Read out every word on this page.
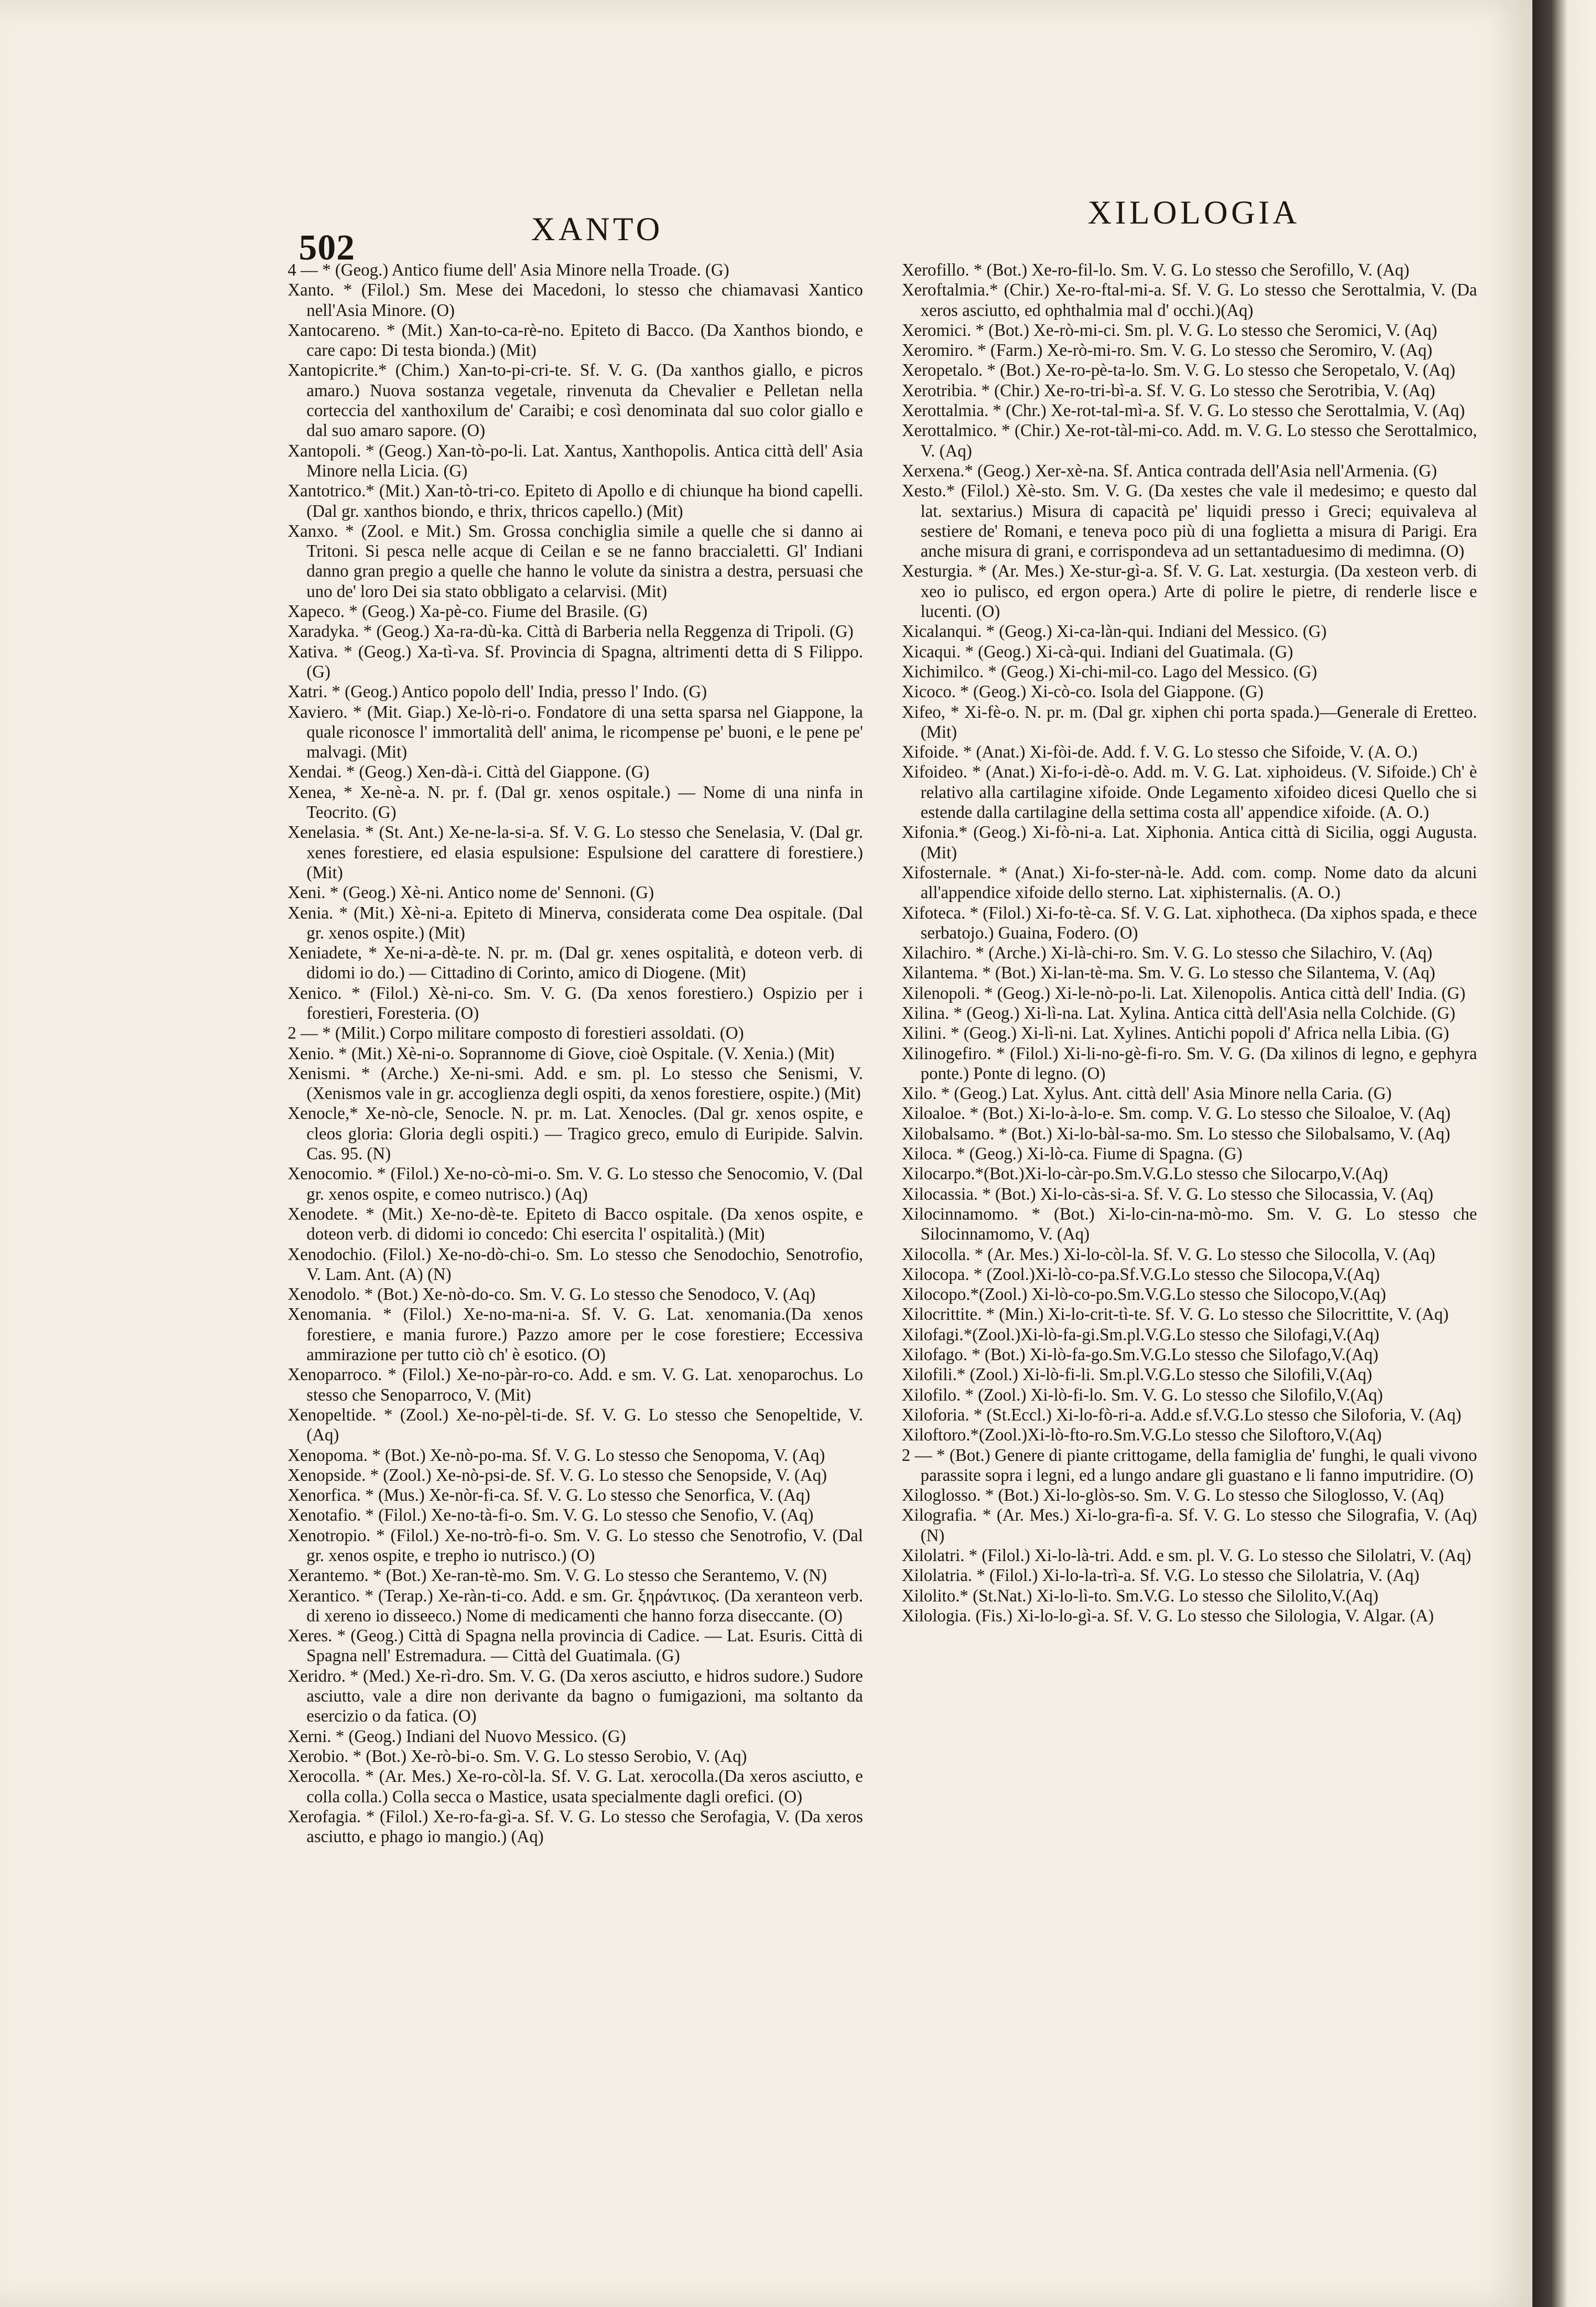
502	XANTO	XILOLOGIA

4 — * (Geog.) Antico fiume dell' Asia Minore nella Troade. (G)

Xanto. * (Filol.) Sm. Mese dei Macedoni, lo stesso che chiamavasi Xantico nell'Asia Minore. (O)

Xantocareno. * (Mit.) Xan-to-ca-rè-no. Epiteto di Bacco. (Da Xanthos biondo, e care capo: Di testa bionda.) (Mit)

Xantopicrite.* (Chim.) Xan-to-pi-cri-te. Sf. V. G. (Da xanthos giallo, e picros amaro.) Nuova sostanza vegetale, rinvenuta da Chevalier e Pelletan nella corteccia del xanthoxilum de' Caraibi; e così denominata dal suo color giallo e dal suo amaro sapore. (O)

Xantopoli. * (Geog.) Xan-tò-po-li. Lat. Xantus, Xanthopolis. Antica città dell' Asia Minore nella Licia. (G)

Xantotrico.* (Mit.) Xan-tò-tri-co. Epiteto di Apollo e di chiunque ha biond capelli. (Dal gr. xanthos biondo, e thrix, thricos capello.) (Mit)

Xanxo. * (Zool. e Mit.) Sm. Grossa conchiglia simile a quelle che si danno ai Tritoni. Si pesca nelle acque di Ceilan e se ne fanno braccialetti. Gl' Indiani danno gran pregio a quelle che hanno le volute da sinistra a destra, persuasi che uno de' loro Dei sia stato obbligato a celarvisi. (Mit)

Xapeco. * (Geog.) Xa-pè-co. Fiume del Brasile. (G)

Xaradyka. * (Geog.) Xa-ra-dù-ka. Città di Barberia nella Reggenza di Tripoli. (G)

Xativa. * (Geog.) Xa-tì-va. Sf. Provincia di Spagna, altrimenti detta di S Filippo. (G)

Xatri. * (Geog.) Antico popolo dell' India, presso l' Indo. (G)

Xaviero. * (Mit. Giap.) Xe-lò-ri-o. Fondatore di una setta sparsa nel Giappone, la quale riconosce l' immortalità dell' anima, le ricompense pe' buoni, e le pene pe' malvagi. (Mit)

Xendai. * (Geog.) Xen-dà-i. Città del Giappone. (G)

Xenea, * Xe-nè-a. N. pr. f. (Dal gr. xenos ospitale.) — Nome di una ninfa in Teocrito. (G)

Xenelasia. * (St. Ant.) Xe-ne-la-si-a. Sf. V. G. Lo stesso che Senelasia, V. (Dal gr. xenes forestiere, ed elasia espulsione: Espulsione del carattere di forestiere.) (Mit)

Xeni. * (Geog.) Xè-ni. Antico nome de' Sennoni. (G)

Xenia. * (Mit.) Xè-ni-a. Epiteto di Minerva, considerata come Dea ospitale. (Dal gr. xenos ospite.) (Mit)

Xeniadete, * Xe-ni-a-dè-te. N. pr. m. (Dal gr. xenes ospitalità, e doteon verb. di didomi io do.) — Cittadino di Corinto, amico di Diogene. (Mit)

Xenico. * (Filol.) Xè-ni-co. Sm. V. G. (Da xenos forestiero.) Ospizio per i forestieri, Foresteria. (O)

2 — * (Milit.) Corpo militare composto di forestieri assoldati. (O)

Xenio. * (Mit.) Xè-ni-o. Soprannome di Giove, cioè Ospitale. (V. Xenia.) (Mit)

Xenismi. * (Arche.) Xe-ni-smi. Add. e sm. pl. Lo stesso che Senismi, V. (Xenismos vale in gr. accoglienza degli ospiti, da xenos forestiere, ospite.) (Mit)

Xenocle,* Xe-nò-cle, Senocle. N. pr. m. Lat. Xenocles. (Dal gr. xenos ospite, e cleos gloria: Gloria degli ospiti.) — Tragico greco, emulo di Euripide. Salvin. Cas. 95. (N)

Xenocomio. * (Filol.) Xe-no-cò-mi-o. Sm. V. G. Lo stesso che Senocomio, V. (Dal gr. xenos ospite, e comeo nutrisco.) (Aq)

Xenodete. * (Mit.) Xe-no-dè-te. Epiteto di Bacco ospitale. (Da xenos ospite, e doteon verb. di didomi io concedo: Chi esercita l' ospitalità.) (Mit)

Xenodochio. (Filol.) Xe-no-dò-chi-o. Sm. Lo stesso che Senodochio, Senotrofio, V. Lam. Ant. (A) (N)

Xenodolo. * (Bot.) Xe-nò-do-co. Sm. V. G. Lo stesso che Senodoco, V. (Aq)

Xenomania. * (Filol.) Xe-no-ma-ni-a. Sf. V. G. Lat. xenomania.(Da xenos forestiere, e mania furore.) Pazzo amore per le cose forestiere; Eccessiva ammirazione per tutto ciò ch' è esotico. (O)

Xenoparroco. * (Filol.) Xe-no-pàr-ro-co. Add. e sm. V. G. Lat. xenoparochus. Lo stesso che Senoparroco, V. (Mit)

Xenopeltide. * (Zool.) Xe-no-pèl-ti-de. Sf. V. G. Lo stesso che Senopeltide, V. (Aq)

Xenopoma. * (Bot.) Xe-nò-po-ma. Sf. V. G. Lo stesso che Senopoma, V. (Aq)

Xenopside. * (Zool.) Xe-nò-psi-de. Sf. V. G. Lo stesso che Senopside, V. (Aq)

Xenorfica. * (Mus.) Xe-nòr-fi-ca. Sf. V. G. Lo stesso che Senorfica, V. (Aq)

Xenotafio. * (Filol.) Xe-no-tà-fi-o. Sm. V. G. Lo stesso che Senofio, V. (Aq)

Xenotropio. * (Filol.) Xe-no-trò-fi-o. Sm. V. G. Lo stesso che Senotrofio, V. (Dal gr. xenos ospite, e trepho io nutrisco.) (O)

Xerantemo. * (Bot.) Xe-ran-tè-mo. Sm. V. G. Lo stesso che Serantemo, V. (N)

Xerantico. * (Terap.) Xe-ràn-ti-co. Add. e sm. Gr. ξηράντικος. (Da xeranteon verb. di xereno io disseeco.) Nome di medicamenti che hanno forza diseccante. (O)

Xeres. * (Geog.) Città di Spagna nella provincia di Cadice. — Lat. Esuris. Città di Spagna nell' Estremadura. — Città del Guatimala. (G)

Xeridro. * (Med.) Xe-rì-dro. Sm. V. G. (Da xeros asciutto, e hidros sudore.) Sudore asciutto, vale a dire non derivante da bagno o fumigazioni, ma soltanto da esercizio o da fatica. (O)

Xerni. * (Geog.) Indiani del Nuovo Messico. (G)

Xerobio. * (Bot.) Xe-rò-bi-o. Sm. V. G. Lo stesso Serobio, V. (Aq)

Xerocolla. * (Ar. Mes.) Xe-ro-còl-la. Sf. V. G. Lat. xerocolla.(Da xeros asciutto, e colla colla.) Colla secca o Mastice, usata specialmente dagli orefici. (O)

Xerofagia. * (Filol.) Xe-ro-fa-gì-a. Sf. V. G. Lo stesso che Serofagia, V. (Da xeros asciutto, e phago io mangio.) (Aq)

Xerofillo. * (Bot.) Xe-ro-fil-lo. Sm. V. G. Lo stesso che Serofillo, V. (Aq)

Xeroftalmia.* (Chir.) Xe-ro-ftal-mi-a. Sf. V. G. Lo stesso che Serottalmia, V. (Da xeros asciutto, ed ophthalmia mal d' occhi.)(Aq)

Xeromici. * (Bot.) Xe-rò-mi-ci. Sm. pl. V. G. Lo stesso che Seromici, V. (Aq)

Xeromiro. * (Farm.) Xe-rò-mi-ro. Sm. V. G. Lo stesso che Seromiro, V. (Aq)

Xeropetalo. * (Bot.) Xe-ro-pè-ta-lo. Sm. V. G. Lo stesso che Seropetalo, V. (Aq)

Xerotribia. * (Chir.) Xe-ro-tri-bì-a. Sf. V. G. Lo stesso che Serotribia, V. (Aq)

Xerottalmia. * (Chr.) Xe-rot-tal-mì-a. Sf. V. G. Lo stesso che Serottalmia, V. (Aq)

Xerottalmico. * (Chir.) Xe-rot-tàl-mi-co. Add. m. V. G. Lo stesso che Serottalmico, V. (Aq)

Xerxena.* (Geog.) Xer-xè-na. Sf. Antica contrada dell'Asia nell'Armenia. (G)

Xesto.* (Filol.) Xè-sto. Sm. V. G. (Da xestes che vale il medesimo; e questo dal lat. sextarius.) Misura di capacità pe' liquidi presso i Greci; equivaleva al sestiere de' Romani, e teneva poco più di una foglietta a misura di Parigi. Era anche misura di grani, e corrispondeva ad un settantaduesimo di medimna. (O)

Xesturgia. * (Ar. Mes.) Xe-stur-gì-a. Sf. V. G. Lat. xesturgia. (Da xesteon verb. di xeo io pulisco, ed ergon opera.) Arte di polire le pietre, di renderle lisce e lucenti. (O)

Xicalanqui. * (Geog.) Xi-ca-làn-qui. Indiani del Messico. (G)

Xicaqui. * (Geog.) Xi-cà-qui. Indiani del Guatimala. (G)

Xichimilco. * (Geog.) Xi-chi-mil-co. Lago del Messico. (G)

Xicoco. * (Geog.) Xi-cò-co. Isola del Giappone. (G)

Xifeo, * Xi-fè-o. N. pr. m. (Dal gr. xiphen chi porta spada.)—Generale di Eretteo. (Mit)

Xifoide. * (Anat.) Xi-fòi-de. Add. f. V. G. Lo stesso che Sifoide, V. (A. O.)

Xifoideo. * (Anat.) Xi-fo-i-dè-o. Add. m. V. G. Lat. xiphoideus. (V. Sifoide.) Ch' è relativo alla cartilagine xifoide. Onde Legamento xifoideo dicesi Quello che si estende dalla cartilagine della settima costa all' appendice xifoide. (A. O.)

Xifonia.* (Geog.) Xi-fò-ni-a. Lat. Xiphonia. Antica città di Sicilia, oggi Augusta. (Mit)

Xifosternale. * (Anat.) Xi-fo-ster-nà-le. Add. com. comp. Nome dato da alcuni all'appendice xifoide dello sterno. Lat. xiphisternalis. (A. O.)

Xifoteca. * (Filol.) Xi-fo-tè-ca. Sf. V. G. Lat. xiphotheca. (Da xiphos spada, e thece serbatojo.) Guaina, Fodero. (O)

Xilachiro. * (Arche.) Xi-là-chi-ro. Sm. V. G. Lo stesso che Silachiro, V. (Aq)

Xilantema. * (Bot.) Xi-lan-tè-ma. Sm. V. G. Lo stesso che Silantema, V. (Aq)

Xilenopoli. * (Geog.) Xi-le-nò-po-li. Lat. Xilenopolis. Antica città dell' India. (G)

Xilina. * (Geog.) Xi-lì-na. Lat. Xylina. Antica città dell'Asia nella Colchide. (G)

Xilini. * (Geog.) Xi-lì-ni. Lat. Xylines. Antichi popoli d' Africa nella Libia. (G)

Xilinogefiro. * (Filol.) Xi-li-no-gè-fi-ro. Sm. V. G. (Da xilinos di legno, e gephyra ponte.) Ponte di legno. (O)

Xilo. * (Geog.) Lat. Xylus. Ant. città dell' Asia Minore nella Caria. (G)

Xiloaloe. * (Bot.) Xi-lo-à-lo-e. Sm. comp. V. G. Lo stesso che Siloaloe, V. (Aq)

Xilobalsamo. * (Bot.) Xi-lo-bàl-sa-mo. Sm. Lo stesso che Silobalsamo, V. (Aq)

Xiloca. * (Geog.) Xi-lò-ca. Fiume di Spagna. (G)

Xilocarpo.*(Bot.)Xi-lo-càr-po.Sm.V.G.Lo stesso che Silocarpo,V.(Aq)

Xilocassia. * (Bot.) Xi-lo-càs-si-a. Sf. V. G. Lo stesso che Silocassia, V. (Aq)

Xilocinnamomo. * (Bot.) Xi-lo-cin-na-mò-mo. Sm. V. G. Lo stesso che Silocinnamomo, V. (Aq)

Xilocolla. * (Ar. Mes.) Xi-lo-còl-la. Sf. V. G. Lo stesso che Silocolla, V. (Aq)

Xilocopa. * (Zool.)Xi-lò-co-pa.Sf.V.G.Lo stesso che Silocopa,V.(Aq)

Xilocopo.*(Zool.) Xi-lò-co-po.Sm.V.G.Lo stesso che Silocopo,V.(Aq)

Xilocrittite. * (Min.) Xi-lo-crit-tì-te. Sf. V. G. Lo stesso che Silocrittite, V. (Aq)

Xilofagi.*(Zool.)Xi-lò-fa-gi.Sm.pl.V.G.Lo stesso che Silofagi,V.(Aq)

Xilofago. * (Bot.) Xi-lò-fa-go.Sm.V.G.Lo stesso che Silofago,V.(Aq)

Xilofili.* (Zool.) Xi-lò-fi-li. Sm.pl.V.G.Lo stesso che Silofili,V.(Aq)

Xilofilo. * (Zool.) Xi-lò-fi-lo. Sm. V. G. Lo stesso che Silofilo,V.(Aq)

Xiloforia. * (St.Eccl.) Xi-lo-fò-ri-a. Add.e sf.V.G.Lo stesso che Siloforia, V. (Aq)

Xiloftoro.*(Zool.)Xi-lò-fto-ro.Sm.V.G.Lo stesso che Siloftoro,V.(Aq)

2 — * (Bot.) Genere di piante crittogame, della famiglia de' funghi, le quali vivono parassite sopra i legni, ed a lungo andare gli guastano e li fanno imputridire. (O)

Xiloglosso. * (Bot.) Xi-lo-glòs-so. Sm. V. G. Lo stesso che Siloglosso, V. (Aq)

Xilografia. * (Ar. Mes.) Xi-lo-gra-fì-a. Sf. V. G. Lo stesso che Silografia, V. (Aq) (N)

Xilolatri. * (Filol.) Xi-lo-là-tri. Add. e sm. pl. V. G. Lo stesso che Silolatri, V. (Aq)

Xilolatria. * (Filol.) Xi-lo-la-trì-a. Sf. V.G. Lo stesso che Silolatria, V. (Aq)

Xilolito.* (St.Nat.) Xi-lo-lì-to. Sm.V.G. Lo stesso che Silolito,V.(Aq)

Xilologia. (Fis.) Xi-lo-lo-gì-a. Sf. V. G. Lo stesso che Silologia, V. Algar. (A)
